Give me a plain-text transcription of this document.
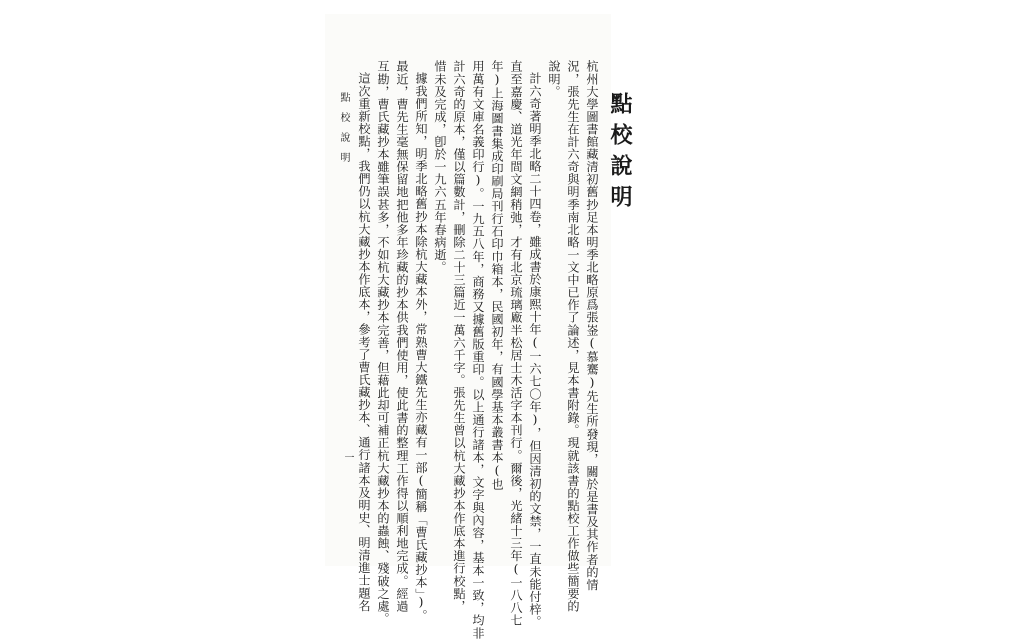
點校說明
杭州大學圖書館藏清初舊抄足本明季北略原爲張崟(慕騫)先生所發現，關於是書及其作者的情
況，張先生在計六奇與明季南北略一文中已作了論述，見本書附錄。現就該書的點校工作做些簡要的
說明。
計六奇著明季北略二十四卷，雖成書於康熙十年(一六七〇年)，但因清初的文禁，一直未能付梓。
直至嘉慶、道光年間文網稍弛，才有北京琉璃廠半松居士木活字本刊行。爾後，光緒十三年(一八八七
年)上海圖書集成印刷局刊行石印巾箱本，民國初年，有國學基本叢書本(也
用萬有文庫名義印行)。一九五八年，商務又據舊版重印。以上通行諸本，文字與內容，基本一致，均非
計六奇的原本，僅以篇數計，刪除二十三篇近一萬六千字。張先生曾以杭大藏抄本作底本進行校點，
惜未及完成，卽於一九六五年春病逝。
據我們所知，明季北略舊抄本除杭大藏本外，常熟曹大鐵先生亦藏有一部(簡稱「曹氏藏抄本」)。
最近，曹先生毫無保留地把他多年珍藏的抄本供我們使用，使此書的整理工作得以順利地完成。經過
互勘，曹氏藏抄本雖筆誤甚多，不如杭大藏抄本完善，但藉此却可補正杭大藏抄本的蟲蝕、殘破之處。
這次重新校點，我們仍以杭大藏抄本作底本，參考了曹氏藏抄本、通行諸本及明史、明清進士題名
點校說明
一
